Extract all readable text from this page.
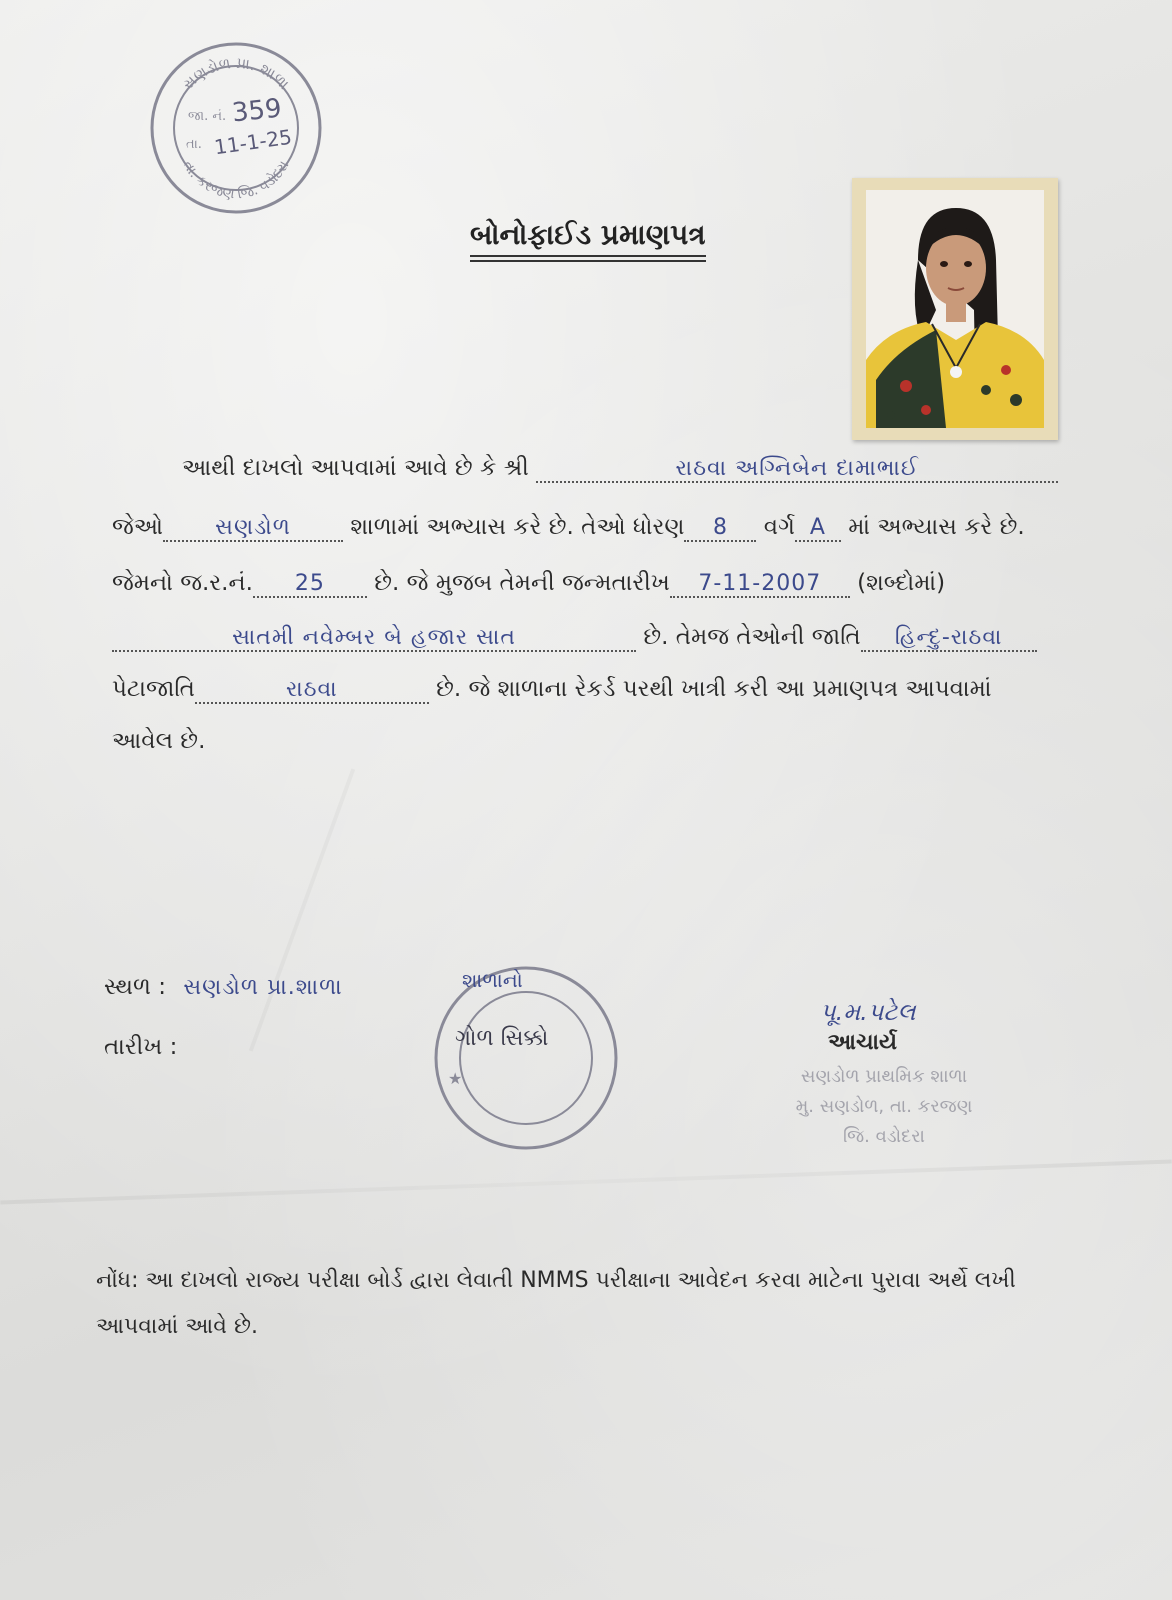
સણડોળ પ્રા. શાળા
તા. કરજણ જિ. વડોદરા
જા. નં.
તા.
359
11-1-25
બોનોફાઈડ પ્રમાણપત્ર
આથી દાખલો આપવામાં આવે છે કે શ્રી	રાઠવા અગ્નિબેન દામાભાઈ
જેઓ સણડોળ	શાળામાં અભ્યાસ કરે છે. તેઓ ધોરણ 8 વર્ગ A માં અભ્યાસ કરે છે.
જેમનો જ.ર.નં. 25 છે. જે મુજબ તેમની જન્મતારીખ 7-11-2007 (શબ્દોમાં)
સાતમી નવેમ્બર બે હજાર સાત	છે. તેમજ તેઓની જાતિ હિન્દુ-રાઠવા
પેટાજાતિ	રાઠવા	છે. જે શાળાના રેકર્ડ પરથી ખાત્રી કરી આ પ્રમાણપત્ર આપવામાં
આવેલ છે.
સ્થળ : સણડોળ પ્રા.શાળા
તારીખ :
★
શાળાનો
ગોળ સિક્કો
પૂ.મ.પટેલ
આચાર્ય
સણડોળ પ્રાથમિક શાળા
મુ. સણડોળ, તા. કરજણ
જિ. વડોદરા
નોંધ: આ દાખલો રાજ્ય પરીક્ષા બોર્ડ દ્વારા લેવાતી NMMS પરીક્ષાના આવેદન કરવા માટેના પુરાવા અર્થે લખી આપવામાં આવે છે.
